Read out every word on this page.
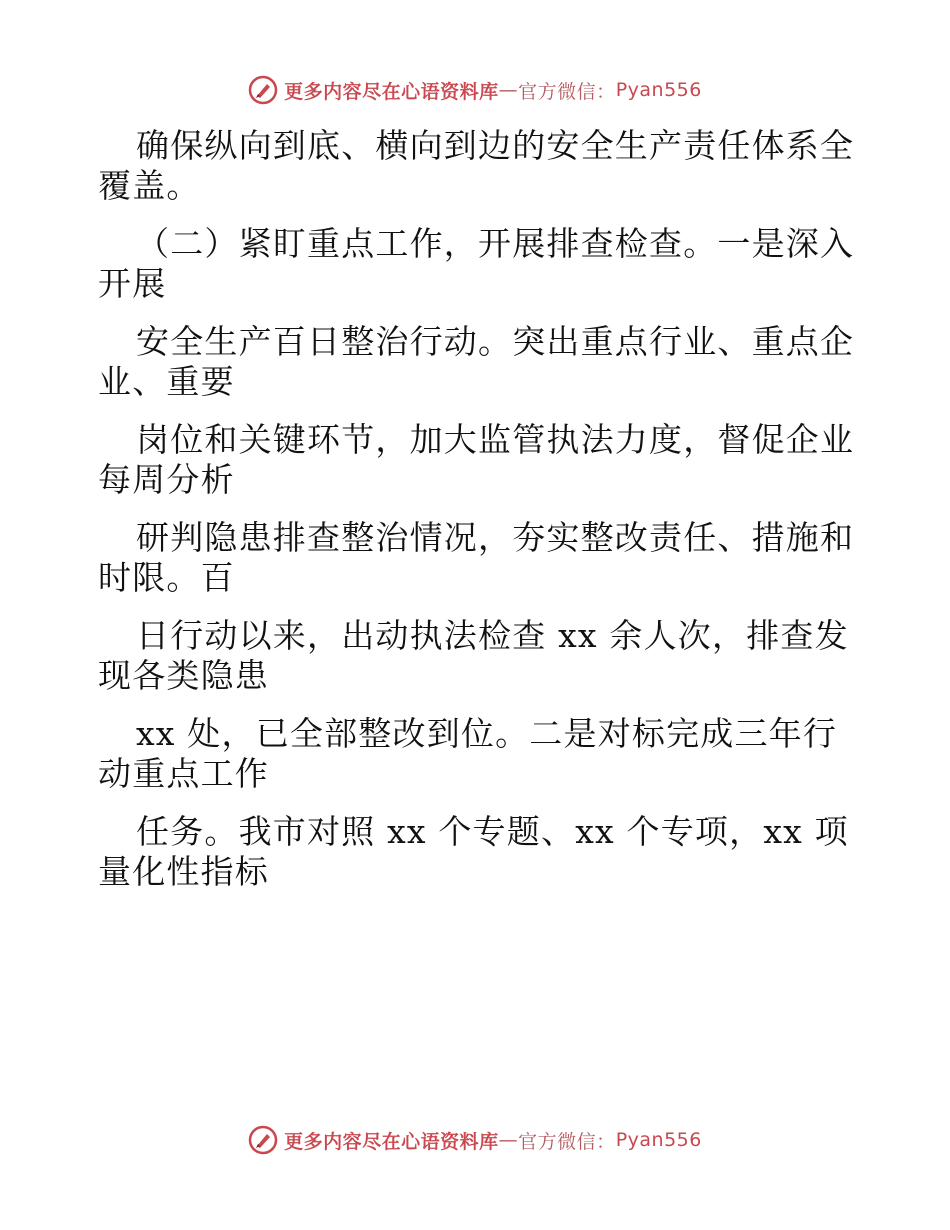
更多内容尽在心语资料库 — 官方微信： Pyan556
确保纵向到底、横向到边的安全生产责任体系全
覆盖。
（二）紧盯重点工作，开展排查检查。一是深入
开展
安全生产百日整治行动。突出重点行业、重点企
业、重要
岗位和关键环节，加大监管执法力度，督促企业
每周分析
研判隐患排查整治情况，夯实整改责任、措施和
时限。百
日行动以来，出动执法检查 xx 余人次，排查发
现各类隐患
xx 处，已全部整改到位。二是对标完成三年行
动重点工作
任务。我市对照 xx 个专题、xx 个专项，xx 项
量化性指标
更多内容尽在心语资料库 — 官方微信： Pyan556
